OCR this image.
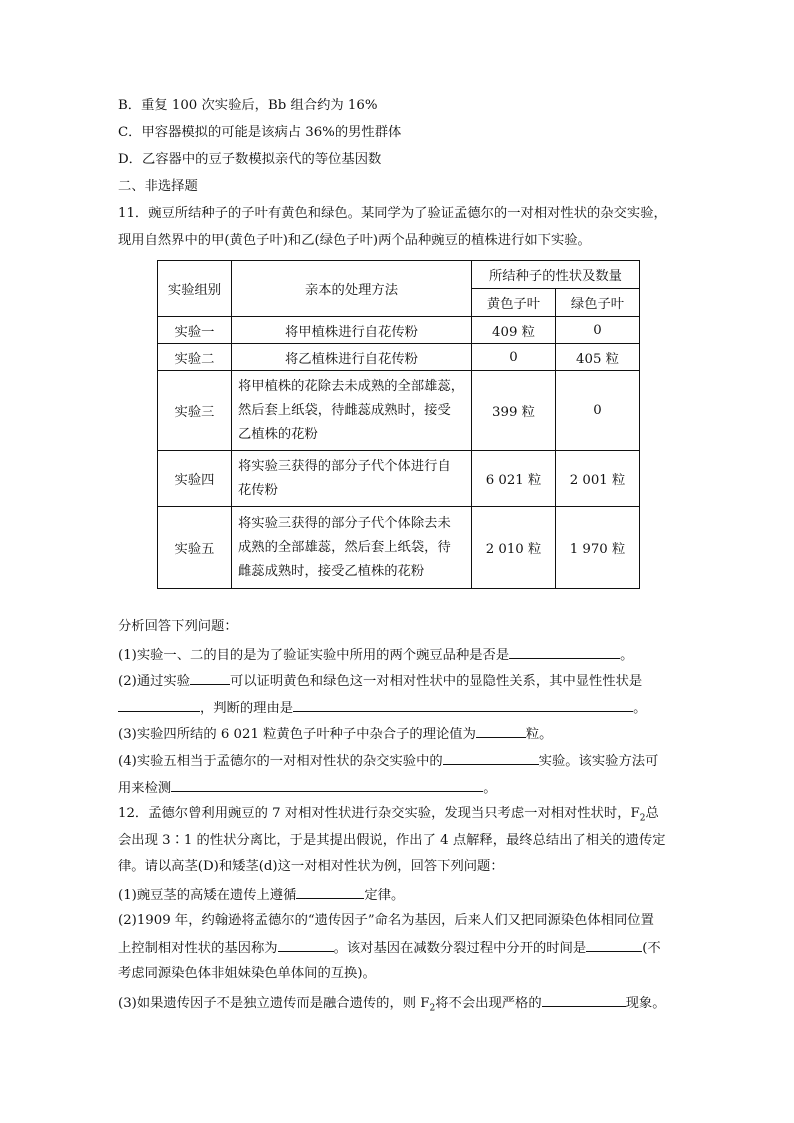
B．重复 100 次实验后，Bb 组合约为 16%
C．甲容器模拟的可能是该病占 36%的男性群体
D．乙容器中的豆子数模拟亲代的等位基因数
二、非选择题
11．豌豆所结种子的子叶有黄色和绿色。某同学为了验证孟德尔的一对相对性状的杂交实验，
现用自然界中的甲(黄色子叶)和乙(绿色子叶)两个品种豌豆的植株进行如下实验。
实验组别	亲本的处理方法	所结种子的性状及数量	
		黄色子叶	绿色子叶
实验一	将甲植株进行自花传粉	409 粒	0
实验二	将乙植株进行自花传粉	0	405 粒
实验三	将甲植株的花除去未成熟的全部雄蕊，
然后套上纸袋，待雌蕊成熟时，接受
乙植株的花粉	399 粒	0
实验四	将实验三获得的部分子代个体进行自
花传粉	6 021 粒	2 001 粒
实验五	将实验三获得的部分子代个体除去未
成熟的全部雄蕊，然后套上纸袋，待
雌蕊成熟时，接受乙植株的花粉	2 010 粒	1 970 粒
分析回答下列问题：
(1)实验一、二的目的是为了验证实验中所用的两个豌豆品种是否是	。
(2)通过实验	可以证明黄色和绿色这一对相对性状中的显隐性关系，其中显性性状是
，判断的理由是	。
(3)实验四所结的 6 021 粒黄色子叶种子中杂合子的理论值为	粒。
(4)实验五相当于孟德尔的一对相对性状的杂交实验中的	实验。该实验方法可
用来检测	。
12．孟德尔曾利用豌豆的 7 对相对性状进行杂交实验，发现当只考虑一对相对性状时，$F_2$总
会出现 3∶1 的性状分离比，于是其提出假说，作出了 4 点解释，最终总结出了相关的遗传定
律。请以高茎(D)和矮茎(d)这一对相对性状为例，回答下列问题：
(1)豌豆茎的高矮在遗传上遵循	定律。
(2)1909 年，约翰逊将孟德尔的“遗传因子”命名为基因，后来人们又把同源染色体相同位置
上控制相对性状的基因称为	。该对基因在减数分裂过程中分开的时间是	(不
考虑同源染色体非姐妹染色单体间的互换)。
(3)如果遗传因子不是独立遗传而是融合遗传的，则 $F_2$将不会出现严格的	现象。
